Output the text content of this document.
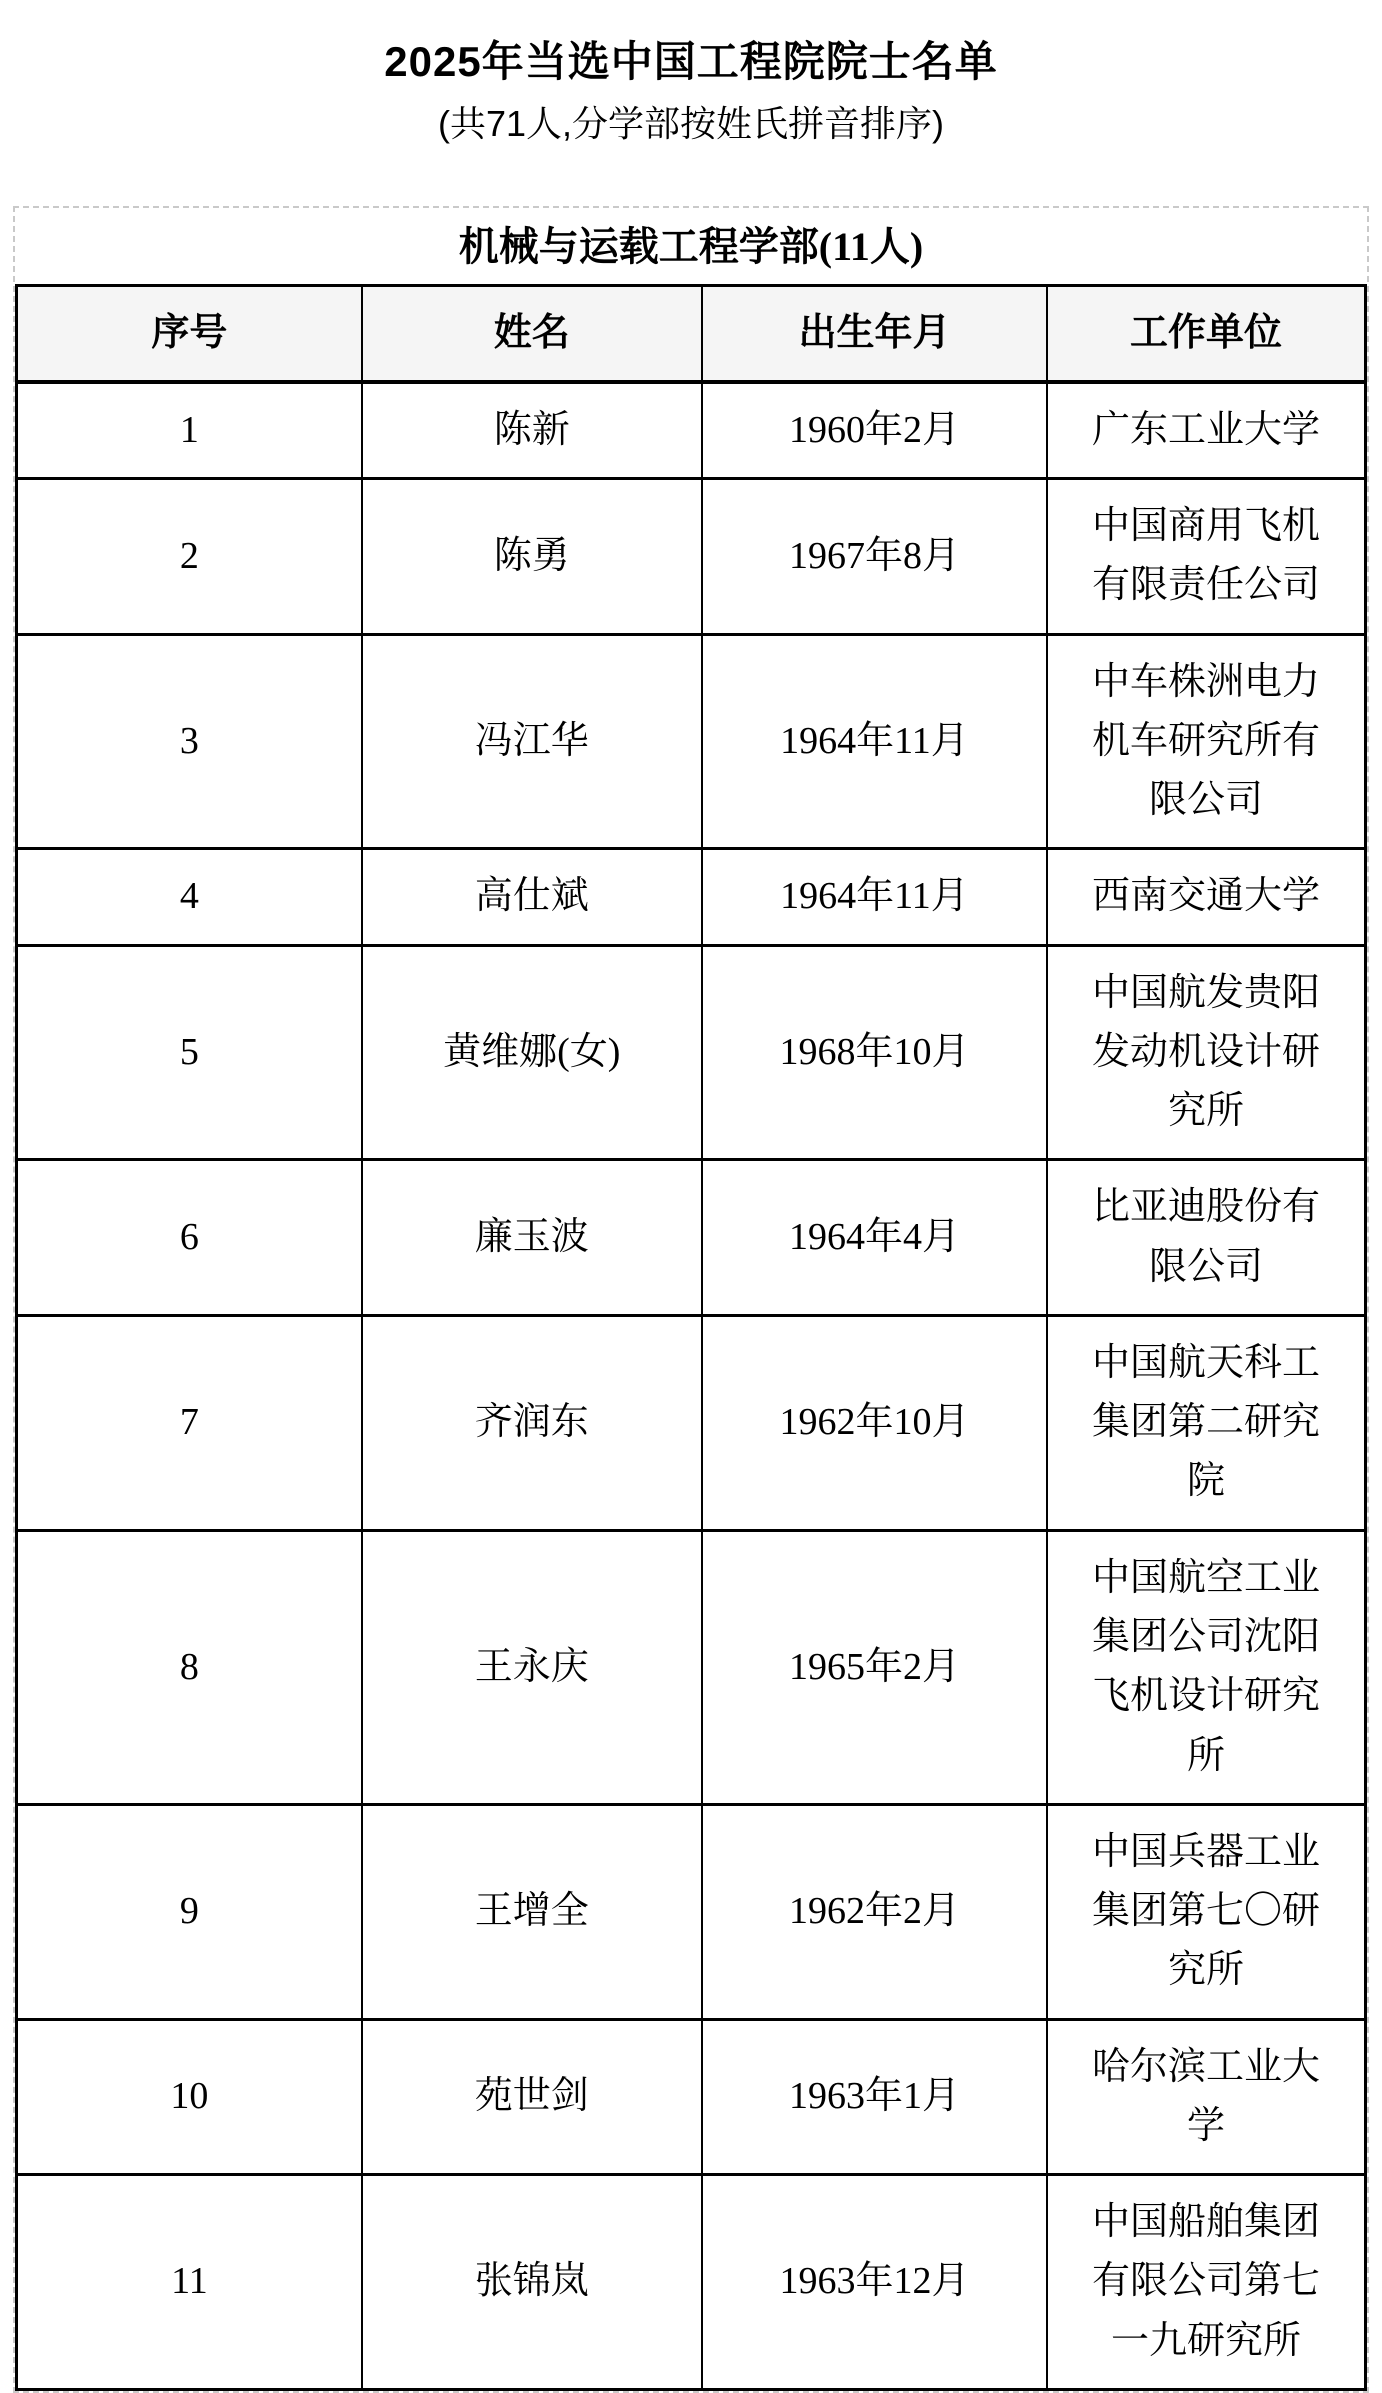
2025年当选中国工程院院士名单
(共71人,分学部按姓氏拼音排序)
机械与运载工程学部(11人)
序号	姓名	出生年月	工作单位
1	陈新	1960年2月	广东工业大学
2	陈勇	1967年8月	中国商用飞机有限责任公司
3	冯江华	1964年11月	中车株洲电力机车研究所有限公司
4	高仕斌	1964年11月	西南交通大学
5	黄维娜(女)	1968年10月	中国航发贵阳发动机设计研究所
6	廉玉波	1964年4月	比亚迪股份有限公司
7	齐润东	1962年10月	中国航天科工集团第二研究院
8	王永庆	1965年2月	中国航空工业集团公司沈阳飞机设计研究所
9	王增全	1962年2月	中国兵器工业集团第七〇研究所
10	苑世剑	1963年1月	哈尔滨工业大学
11	张锦岚	1963年12月	中国船舶集团有限公司第七一九研究所
